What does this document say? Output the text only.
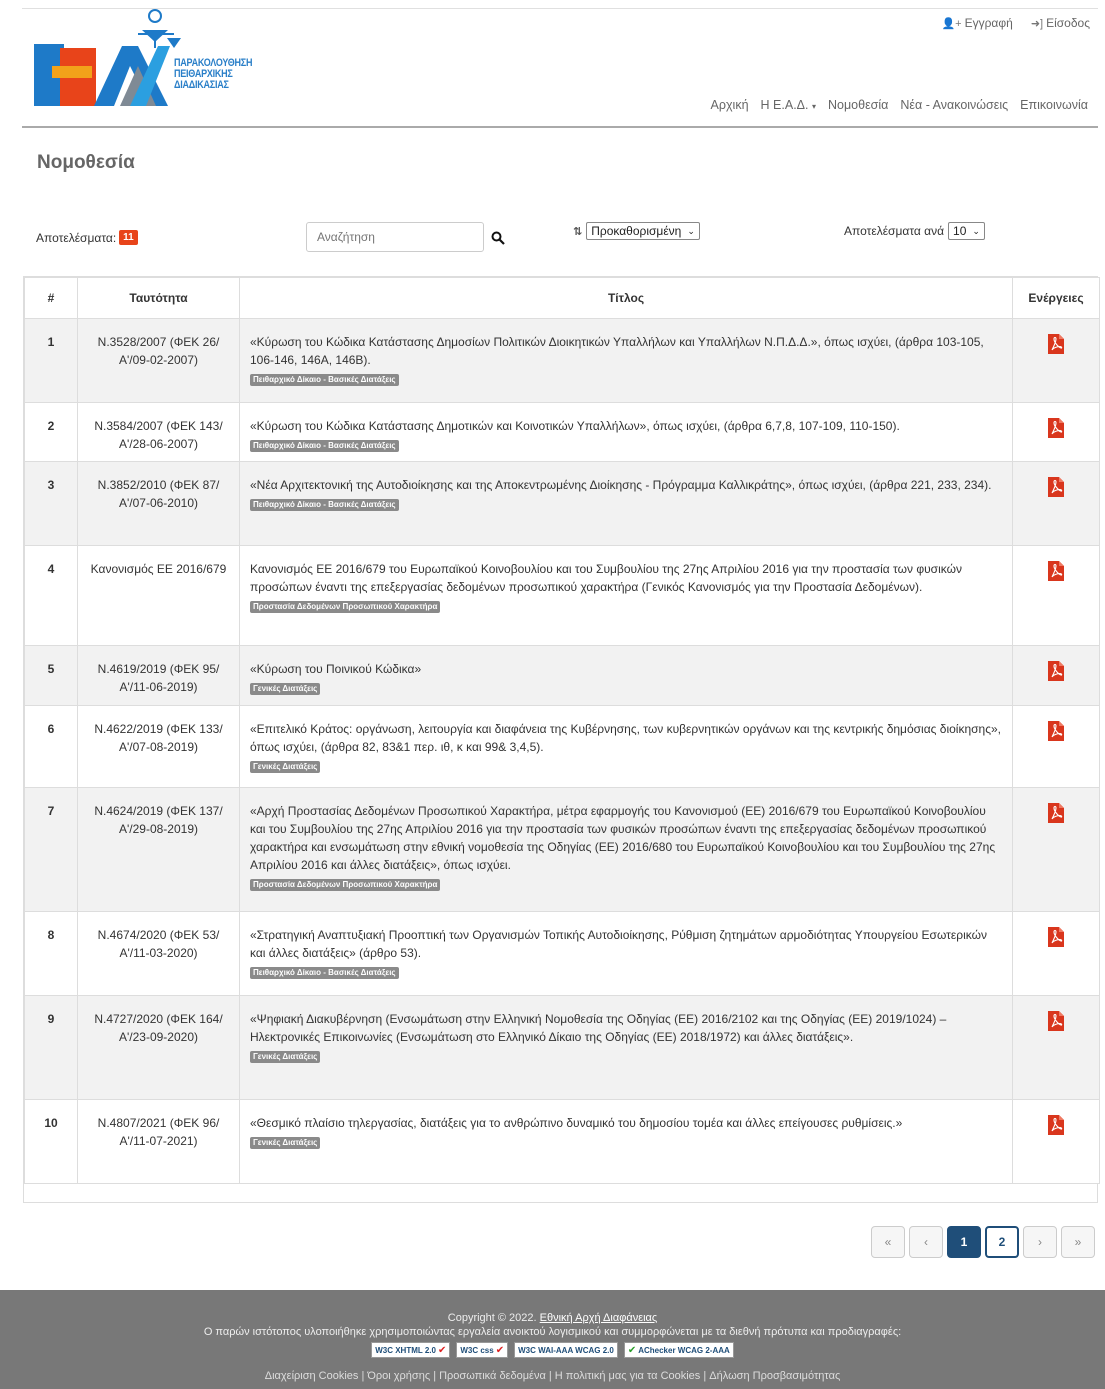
ΠΑΡΑΚΟΛΟΥΘΗΣΗ
ΠΕΙΘΑΡΧΙΚΗΣ
ΔΙΑΔΙΚΑΣΙΑΣ
👤+ Εγγραφή ➜] Είσοδος
Αρχική Η Ε.Α.Δ. ▾ Νομοθεσία Νέα - Ανακοινώσεις Επικοινωνία
Νομοθεσία
Αποτελέσματα: 11
Αναζήτηση	⇅ Προκαθορισμένη ⌄	Αποτελέσματα ανά 10 ⌄
#	Ταυτότητα	Τίτλος	Ενέργειες
1	Ν.3528/2007 (ΦΕΚ 26/Α'/09-02-2007)	«Κύρωση του Κώδικα Κατάστασης Δημοσίων Πολιτικών Διοικητικών Υπαλλήλων και Υπαλλήλων Ν.Π.Δ.Δ.», όπως ισχύει, (άρθρα 103-105, 106-146, 146Α, 146Β).
Πειθαρχικό Δίκαιο - Βασικές Διατάξεις	
2	Ν.3584/2007 (ΦΕΚ 143/Α'/28-06-2007)	«Κύρωση του Κώδικα Κατάστασης Δημοτικών και Κοινοτικών Υπαλλήλων», όπως ισχύει, (άρθρα 6,7,8, 107-109, 110-150).
Πειθαρχικό Δίκαιο - Βασικές Διατάξεις	
3	Ν.3852/2010 (ΦΕΚ 87/Α'/07-06-2010)	«Νέα Αρχιτεκτονική της Αυτοδιοίκησης και της Αποκεντρωμένης Διοίκησης - Πρόγραμμα Καλλικράτης», όπως ισχύει, (άρθρα 221, 233, 234).
Πειθαρχικό Δίκαιο - Βασικές Διατάξεις	
4	Κανονισμός ΕΕ 2016/679	Κανονισμός ΕΕ 2016/679 του Ευρωπαϊκού Κοινοβουλίου και του Συμβουλίου της 27ης Απριλίου 2016 για την προστασία των φυσικών προσώπων έναντι της επεξεργασίας δεδομένων προσωπικού χαρακτήρα (Γενικός Κανονισμός για την Προστασία Δεδομένων).
Προστασία Δεδομένων Προσωπικού Χαρακτήρα	
5	Ν.4619/2019 (ΦΕΚ 95/Α'/11-06-2019)	«Κύρωση του Ποινικού Κώδικα»
Γενικές Διατάξεις	
6	Ν.4622/2019 (ΦΕΚ 133/Α'/07-08-2019)	«Επιτελικό Κράτος: οργάνωση, λειτουργία και διαφάνεια της Κυβέρνησης, των κυβερνητικών οργάνων και της κεντρικής δημόσιας διοίκησης», όπως ισχύει, (άρθρα 82, 83&1 περ. ιθ, κ και 99& 3,4,5).
Γενικές Διατάξεις	
7	Ν.4624/2019 (ΦΕΚ 137/Α'/29-08-2019)	«Αρχή Προστασίας Δεδομένων Προσωπικού Χαρακτήρα, μέτρα εφαρμογής του Κανονισμού (ΕΕ) 2016/679 του Ευρωπαϊκού Κοινοβουλίου και του Συμβουλίου της 27ης Απριλίου 2016 για την προστασία των φυσικών προσώπων έναντι της επεξεργασίας δεδομένων προσωπικού χαρακτήρα και ενσωμάτωση στην εθνική νομοθεσία της Οδηγίας (ΕΕ) 2016/680 του Ευρωπαϊκού Κοινοβουλίου και του Συμβουλίου της 27ης Απριλίου 2016 και άλλες διατάξεις», όπως ισχύει.
Προστασία Δεδομένων Προσωπικού Χαρακτήρα	
8	Ν.4674/2020 (ΦΕΚ 53/Α'/11-03-2020)	«Στρατηγική Αναπτυξιακή Προοπτική των Οργανισμών Τοπικής Αυτοδιοίκησης, Ρύθμιση ζητημάτων αρμοδιότητας Υπουργείου Εσωτερικών και άλλες διατάξεις» (άρθρο 53).
Πειθαρχικό Δίκαιο - Βασικές Διατάξεις	
9	Ν.4727/2020 (ΦΕΚ 164/Α'/23-09-2020)	«Ψηφιακή Διακυβέρνηση (Ενσωμάτωση στην Ελληνική Νομοθεσία της Οδηγίας (ΕΕ) 2016/2102 και της Οδηγίας (ΕΕ) 2019/1024) – Ηλεκτρονικές Επικοινωνίες (Ενσωμάτωση στο Ελληνικό Δίκαιο της Οδηγίας (ΕΕ) 2018/1972) και άλλες διατάξεις».
Γενικές Διατάξεις	
10	Ν.4807/2021 (ΦΕΚ 96/Α'/11-07-2021)	«Θεσμικό πλαίσιο τηλεργασίας, διατάξεις για το ανθρώπινο δυναμικό του δημοσίου τομέα και άλλες επείγουσες ρυθμίσεις.»
Γενικές Διατάξεις	
«	‹	1	2	›	»
Copyright © 2022. Εθνική Αρχή Διαφάνειας
Ο παρών ιστότοπος υλοποιήθηκε χρησιμοποιώντας εργαλεία ανοικτού λογισμικού και συμμορφώνεται με τα διεθνή πρότυπα και προδιαγραφές:
W3C XHTML 2.0 ✔ W3C css ✔ W3C WAI-AAA WCAG 2.0 ✔ AChecker WCAG 2-AAA
Διαχείριση Cookies | Όροι χρήσης | Προσωπικά δεδομένα | Η πολιτική μας για τα Cookies | Δήλωση Προσβασιμότητας
